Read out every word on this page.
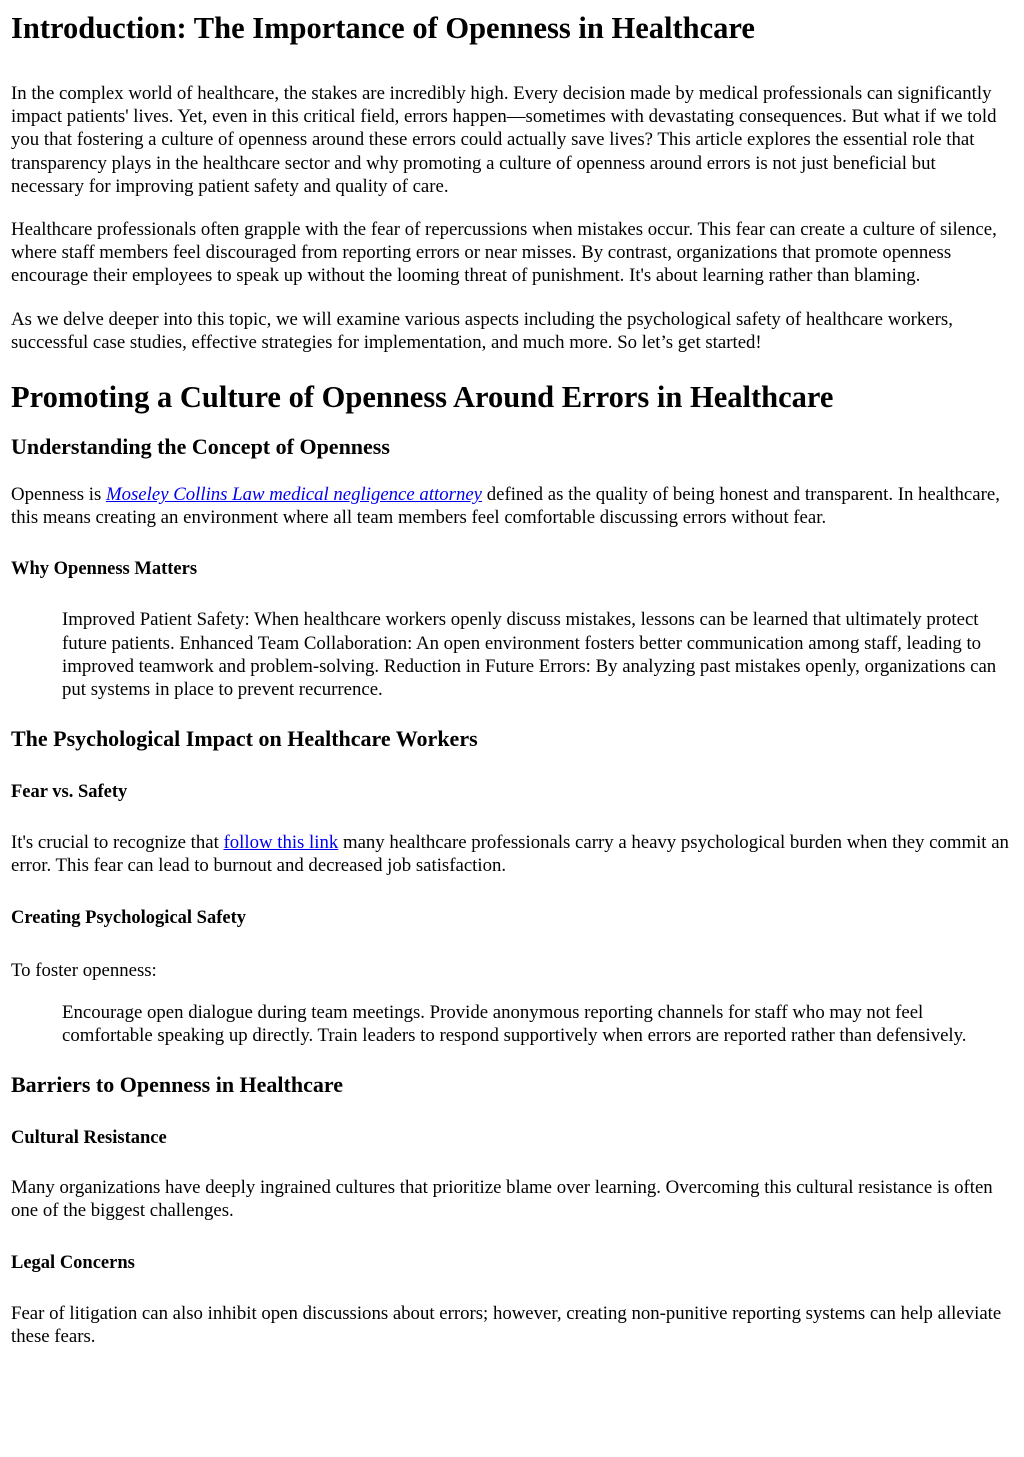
Introduction: The Importance of Openness in Healthcare

In the complex world of healthcare, the stakes are incredibly high. Every decision made by medical professionals can significantly impact patients' lives. Yet, even in this critical field, errors happen—sometimes with devastating consequences. But what if we told you that fostering a culture of openness around these errors could actually save lives? This article explores the essential role that transparency plays in the healthcare sector and why promoting a culture of openness around errors is not just beneficial but necessary for improving patient safety and quality of care.

Healthcare professionals often grapple with the fear of repercussions when mistakes occur. This fear can create a culture of silence, where staff members feel discouraged from reporting errors or near misses. By contrast, organizations that promote openness encourage their employees to speak up without the looming threat of punishment. It's about learning rather than blaming.

As we delve deeper into this topic, we will examine various aspects including the psychological safety of healthcare workers, successful case studies, effective strategies for implementation, and much more. So let’s get started!

Promoting a Culture of Openness Around Errors in Healthcare
Understanding the Concept of Openness

Openness is Moseley Collins Law medical negligence attorney defined as the quality of being honest and transparent. In healthcare, this means creating an environment where all team members feel comfortable discussing errors without fear.

Why Openness Matters
Improved Patient Safety: When healthcare workers openly discuss mistakes, lessons can be learned that ultimately protect future patients. Enhanced Team Collaboration: An open environment fosters better communication among staff, leading to improved teamwork and problem-solving. Reduction in Future Errors: By analyzing past mistakes openly, organizations can put systems in place to prevent recurrence.
The Psychological Impact on Healthcare Workers
Fear vs. Safety

It's crucial to recognize that follow this link many healthcare professionals carry a heavy psychological burden when they commit an error. This fear can lead to burnout and decreased job satisfaction.

Creating Psychological Safety

To foster openness:

Encourage open dialogue during team meetings. Provide anonymous reporting channels for staff who may not feel comfortable speaking up directly. Train leaders to respond supportively when errors are reported rather than defensively.
Barriers to Openness in Healthcare
Cultural Resistance

Many organizations have deeply ingrained cultures that prioritize blame over learning. Overcoming this cultural resistance is often one of the biggest challenges.

Legal Concerns

Fear of litigation can also inhibit open discussions about errors; however, creating non-punitive reporting systems can help alleviate these fears.
